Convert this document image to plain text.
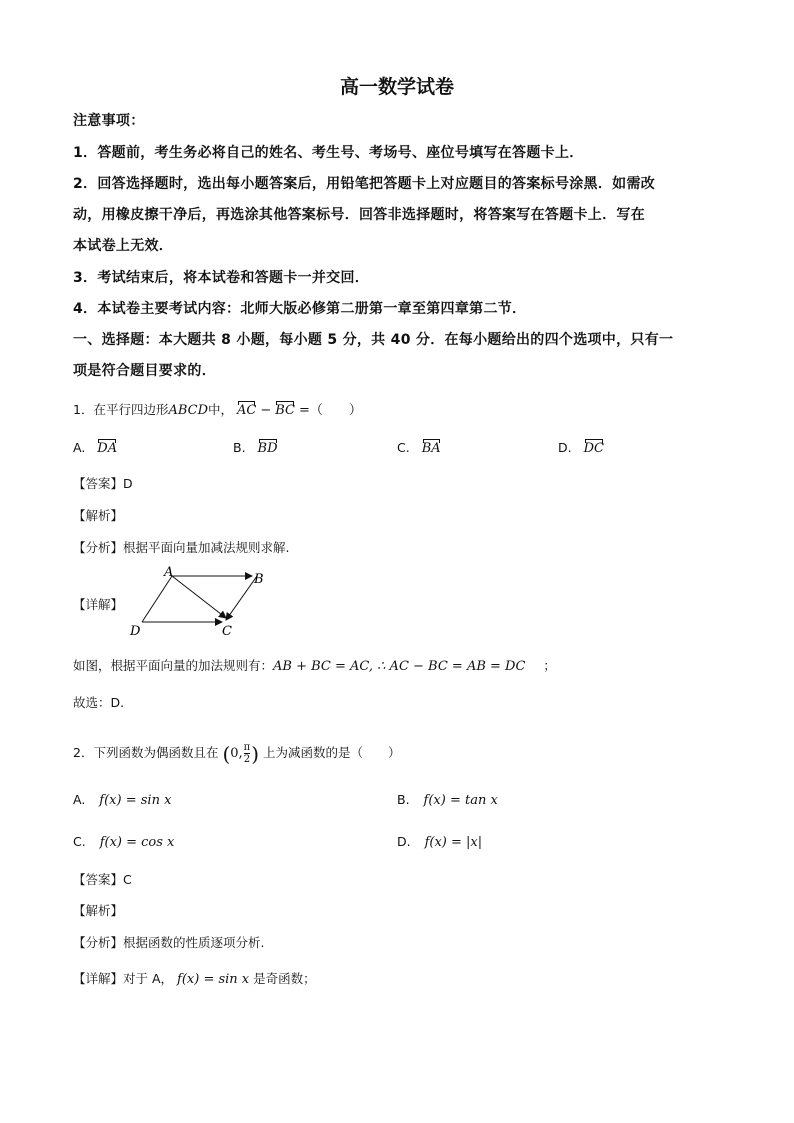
高一数学试卷
注意事项：
1．答题前，考生务必将自己的姓名、考生号、考场号、座位号填写在答题卡上．
2．回答选择题时，选出每小题答案后，用铅笔把答题卡上对应题目的答案标号涂黑．如需改
动，用橡皮擦干净后，再选涂其他答案标号．回答非选择题时，将答案写在答题卡上．写在
本试卷上无效．
3．考试结束后，将本试卷和答题卡一并交回．
4．本试卷主要考试内容：北师大版必修第二册第一章至第四章第二节．
一、选择题：本大题共 8 小题，每小题 5 分，共 40 分．在每小题给出的四个选项中，只有一
项是符合题目要求的．
1．在平行四边形ABCD中， AC − BC =（　　）
A. DA	B. BD	C. BA	D. DC
【答案】D
【解析】
【分析】根据平面向量加减法规则求解.
【详解】
A	B
C
D
如图，根据平面向量的加法规则有：AB + BC = AC, ∴ AC − BC = AB = DC ；
故选：D.
2．下列函数为偶函数且在 (0, $\frac{\pi}{2}$ ) 上为减函数的是（　　）
A. f(x) = sin x	B. f(x) = tan x
C. f(x) = cos x	D. f(x) = |x|
【答案】C
【解析】
【分析】根据函数的性质逐项分析.
【详解】对于 A， f(x) = sin x 是奇函数；
